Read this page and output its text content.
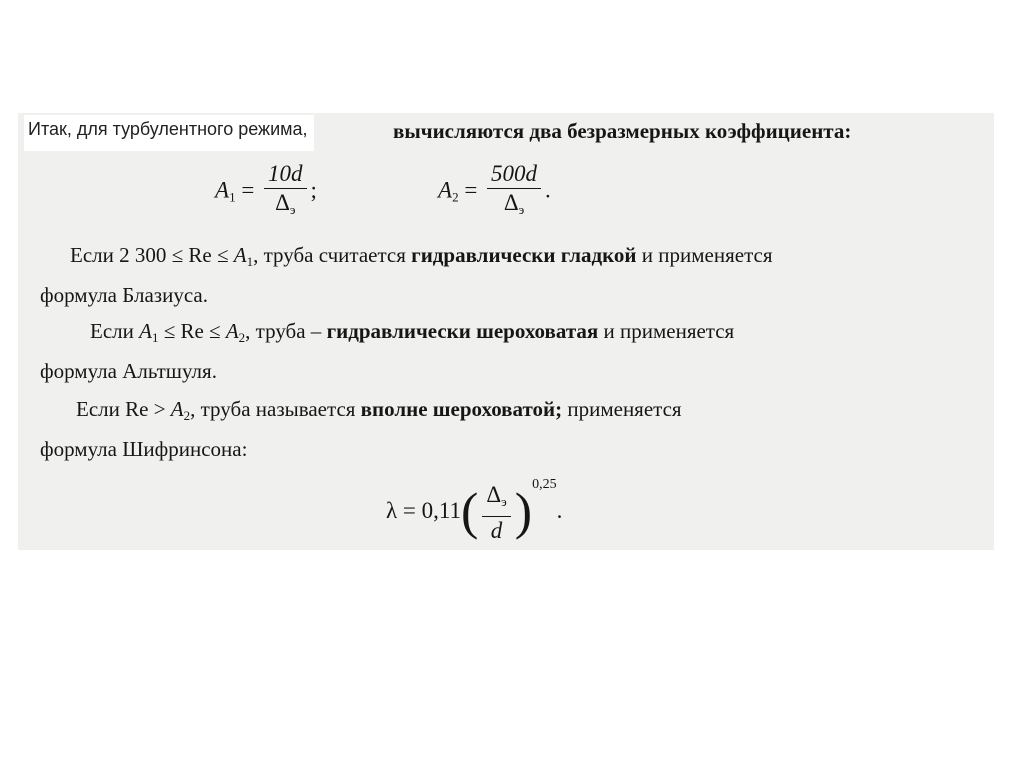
Итак, для турбулентного режима,	вычисляются два безразмерных коэффициента:
$A_1 = \frac{10d}{\Delta_э}$ ;	$A_2 = \frac{500d}{\Delta_э}$ .
Если 2 $300 \le Re \le A_1$, труба считается гидравлически гладкой и применяется
формула Блазиуса.
Если $A_1 \le Re \le A_2$, труба – гидравлически шероховатая и применяется
формула Альтшуля.
Если $Re > A_2$, труба называется вполне шероховатой; применяется
формула Шифринсона:
$\lambda = 0,11( \frac{\Delta_э}{d} )^{0,25}$.
